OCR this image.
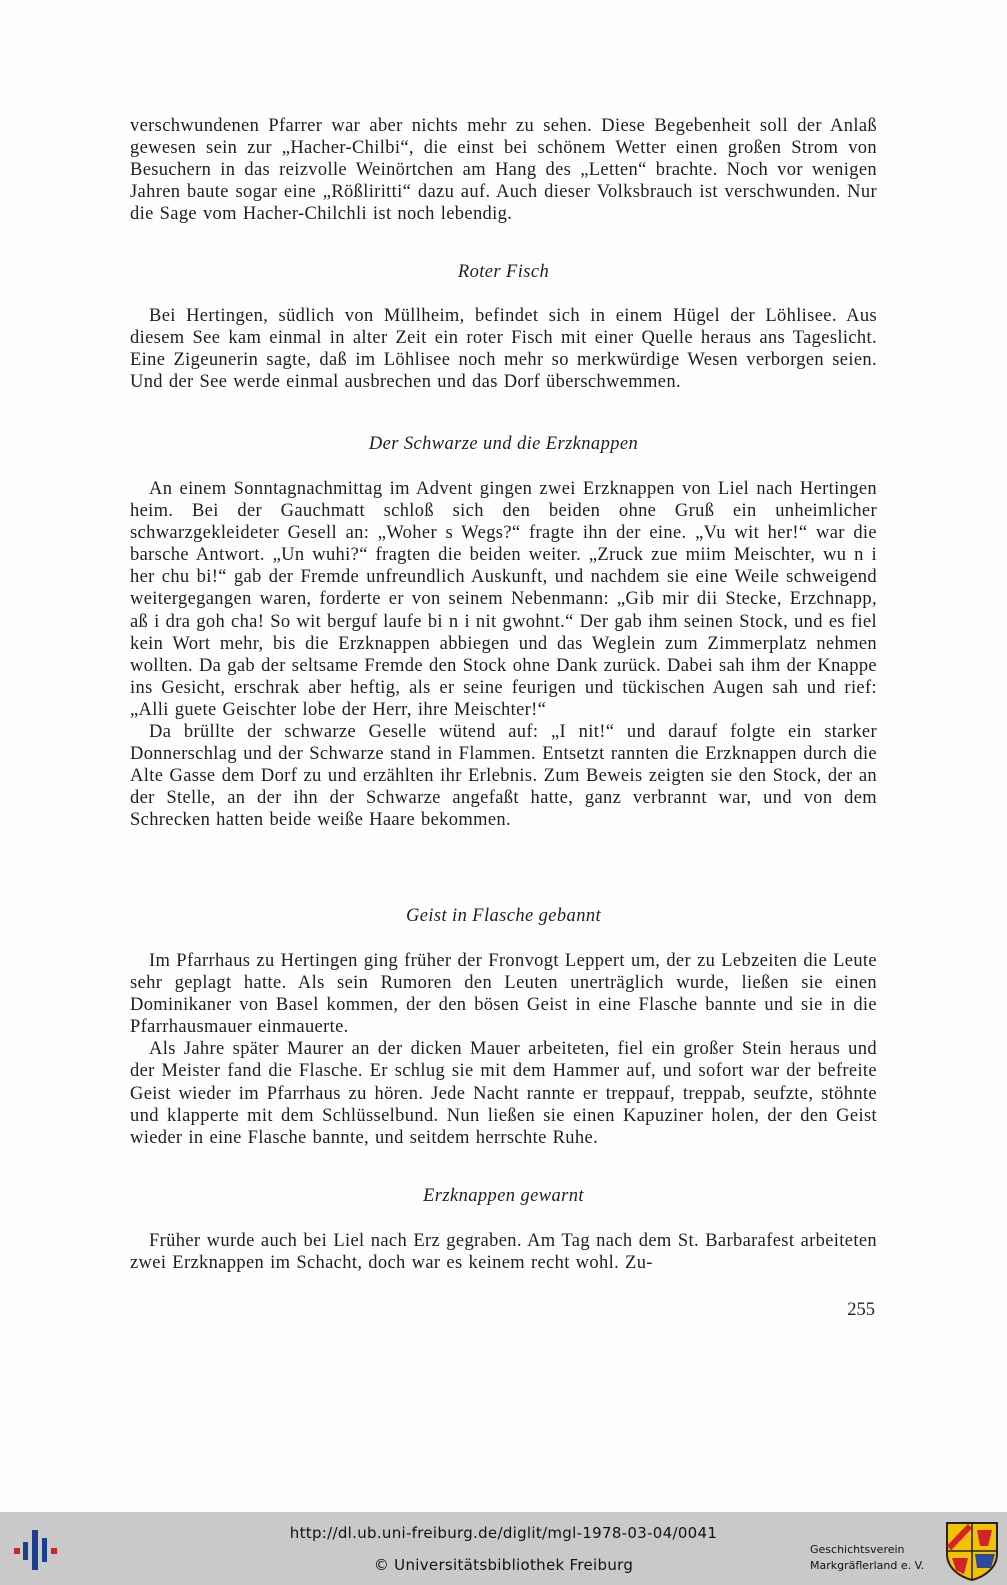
verschwundenen Pfarrer war aber nichts mehr zu sehen. Diese Begebenheit soll der Anlaß gewesen sein zur „Hacher-Chilbi“, die einst bei schönem Wetter einen großen Strom von Besuchern in das reizvolle Weinörtchen am Hang des „Letten“ brachte. Noch vor wenigen Jahren baute sogar eine „Rößliritti“ dazu auf. Auch dieser Volksbrauch ist verschwunden. Nur die Sage vom Hacher-Chilchli ist noch lebendig.

Roter Fisch

Bei Hertingen, südlich von Müllheim, befindet sich in einem Hügel der Löhlisee. Aus diesem See kam einmal in alter Zeit ein roter Fisch mit einer Quelle heraus ans Tageslicht. Eine Zigeunerin sagte, daß im Löhlisee noch mehr so merkwürdige Wesen verborgen seien. Und der See werde einmal ausbrechen und das Dorf überschwemmen.

Der Schwarze und die Erzknappen

An einem Sonntagnachmittag im Advent gingen zwei Erzknappen von Liel nach Hertingen heim. Bei der Gauchmatt schloß sich den beiden ohne Gruß ein unheimlicher schwarzgekleideter Gesell an: „Woher s Wegs?“ fragte ihn der eine. „Vu wit her!“ war die barsche Antwort. „Un wuhi?“ fragten die beiden weiter. „Zruck zue miim Meischter, wu n i her chu bi!“ gab der Fremde unfreundlich Auskunft, und nachdem sie eine Weile schweigend weitergegangen waren, forderte er von seinem Nebenmann: „Gib mir dii Stecke, Erzchnapp, aß i dra goh cha! So wit berguf laufe bi n i nit gwohnt.“ Der gab ihm seinen Stock, und es fiel kein Wort mehr, bis die Erzknappen abbiegen und das Weglein zum Zimmerplatz nehmen wollten. Da gab der seltsame Fremde den Stock ohne Dank zurück. Dabei sah ihm der Knappe ins Gesicht, erschrak aber heftig, als er seine feurigen und tückischen Augen sah und rief: „Alli guete Geischter lobe der Herr, ihre Meischter!“

Da brüllte der schwarze Geselle wütend auf: „I nit!“ und darauf folgte ein starker Donnerschlag und der Schwarze stand in Flammen. Entsetzt rannten die Erzknappen durch die Alte Gasse dem Dorf zu und erzählten ihr Erlebnis. Zum Beweis zeigten sie den Stock, der an der Stelle, an der ihn der Schwarze angefaßt hatte, ganz verbrannt war, und von dem Schrecken hatten beide weiße Haare bekommen.

Geist in Flasche gebannt

Im Pfarrhaus zu Hertingen ging früher der Fronvogt Leppert um, der zu Lebzeiten die Leute sehr geplagt hatte. Als sein Rumoren den Leuten unerträglich wurde, ließen sie einen Dominikaner von Basel kommen, der den bösen Geist in eine Flasche bannte und sie in die Pfarrhausmauer einmauerte.

Als Jahre später Maurer an der dicken Mauer arbeiteten, fiel ein großer Stein heraus und der Meister fand die Flasche. Er schlug sie mit dem Hammer auf, und sofort war der befreite Geist wieder im Pfarrhaus zu hören. Jede Nacht rannte er treppauf, treppab, seufzte, stöhnte und klapperte mit dem Schlüsselbund. Nun ließen sie einen Kapuziner holen, der den Geist wieder in eine Flasche bannte, und seitdem herrschte Ruhe.

Erzknappen gewarnt

Früher wurde auch bei Liel nach Erz gegraben. Am Tag nach dem St. Barbarafest arbeiteten zwei Erzknappen im Schacht, doch war es keinem recht wohl. Zu-

255
http://dl.ub.uni-freiburg.de/diglit/mgl-1978-03-04/0041
© Universitätsbibliothek Freiburg
Geschichtsverein
Markgräflerland e. V.
